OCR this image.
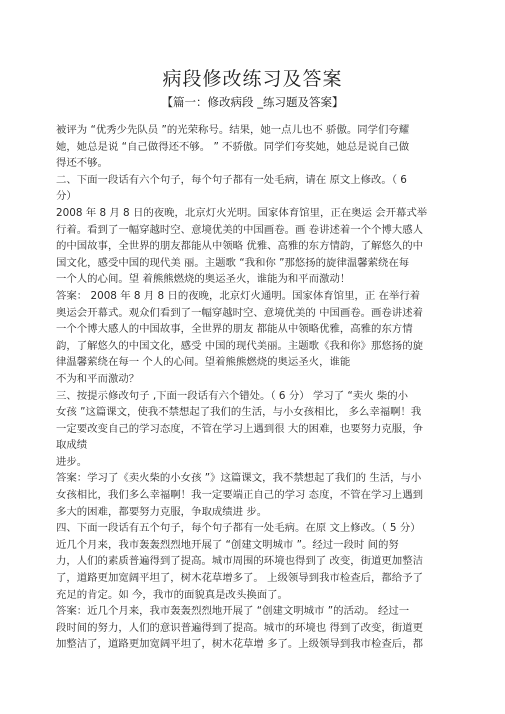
病段修改练习及答案
【篇一：修改病段 _练习题及答案】
被评为 “优秀少先队员 ”的光荣称号。结果，她一点儿也不 骄傲。同学们夸耀
她，她总是说 “自己做得还不够。 ” 不骄傲。同学们夸奖她，她总是说自己做
得还不够。
二、下面一段话有六个句子，每个句子都有一处毛病，请在 原文上修改。（ 6
分）
2008 年 8 月 8 日的夜晚，北京灯火光明。国家体育馆里，正在奥运 会开幕式举
行着。看到了一幅穿越时空、意境优美的中国画卷。画 卷讲述着一个个博大感人
的中国故事，全世界的朋友都能从中领略 优雅、高雅的东方情韵，了解悠久的中
国文化，感受中国的现代美 丽。主题歌 “我和你 ”那悠扬的旋律温馨萦绕在每
一个人的心间。望 着熊熊燃烧的奥运圣火，谁能为和平而激动！
答案： 2008 年 8 月 8 日的夜晚，北京灯火通明。国家体育馆里，正 在举行着
奥运会开幕式。观众们看到了一幅穿越时空、意境优美的 中国画卷。画卷讲述着
一个个博大感人的中国故事，全世界的朋友 都能从中领略优雅，高雅的东方情
韵，了解悠久的中国文化，感受 中国的现代美丽。主题歌《我和你》那悠扬的旋
律温馨萦绕在每一 个人的心间。望着熊熊燃烧的奥运圣火，谁能
不为和平而激动？
三、按提示修改句子 ,下面一段话有六个错处。（ 6 分） 学习了 “卖火 柴的小
女孩 ”这篇课文，使我不禁想起了我们的生活，与小女孩相比， 多么幸福啊！我
一定要改变自己的学习态度，不管在学习上遇到很 大的困难，也要努力克服，争
取成绩
进步。
答案：学习了《卖火柴的小女孩 ”》这篇课文，我不禁想起了我们的 生活，与小
女孩相比，我们多么幸福啊！我一定要端正自己的学习 态度，不管在学习上遇到
多大的困难，都要努力克服，争取成绩进 步。
四、下面一段话有五个句子，每个句子都有一处毛病。在原 文上修改。（ 5 分）
近几个月来，我市轰轰烈烈地开展了 “创建文明城市 ”。经过一段时 间的努
力，人们的素质普遍得到了提高。城市周围的环境也得到了 改变，街道更加整洁
了，道路更加宽阔平坦了，树木花草增多了。 上级领导到我市检查后，都给予了
充足的肯定。如 今，我市的面貌真是改头换面了。
答案：近几个月来，我市轰轰烈烈地开展了 “创建文明城市 ”的活动。 经过一
段时间的努力，人们的意识普遍得到了提高。城市的环境也 得到了改变，街道更
加整洁了，道路更加宽阔平坦了，树木花草增 多了。上级领导到我市检查后，都
